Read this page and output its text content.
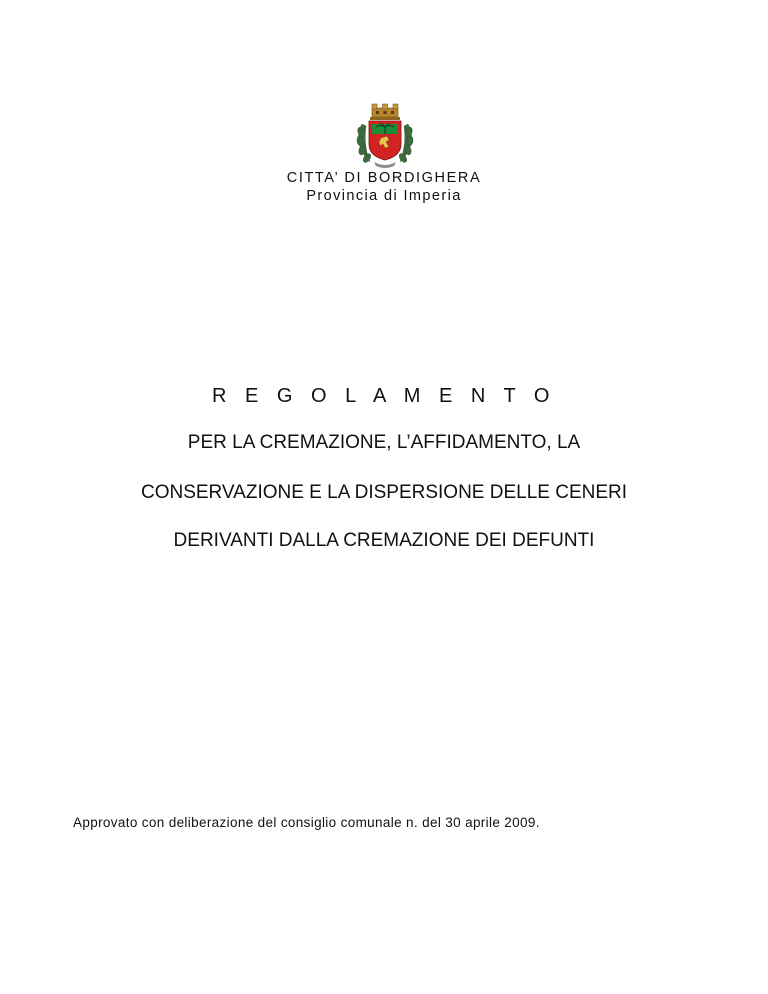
CITTA’ DI BORDIGHERA
Provincia di Imperia
R E G O L A M E N T O
PER LA CREMAZIONE, L’AFFIDAMENTO, LA
CONSERVAZIONE E LA DISPERSIONE DELLE CENERI
DERIVANTI DALLA CREMAZIONE DEI DEFUNTI
Approvato con deliberazione del consiglio comunale n. del 30 aprile 2009.
